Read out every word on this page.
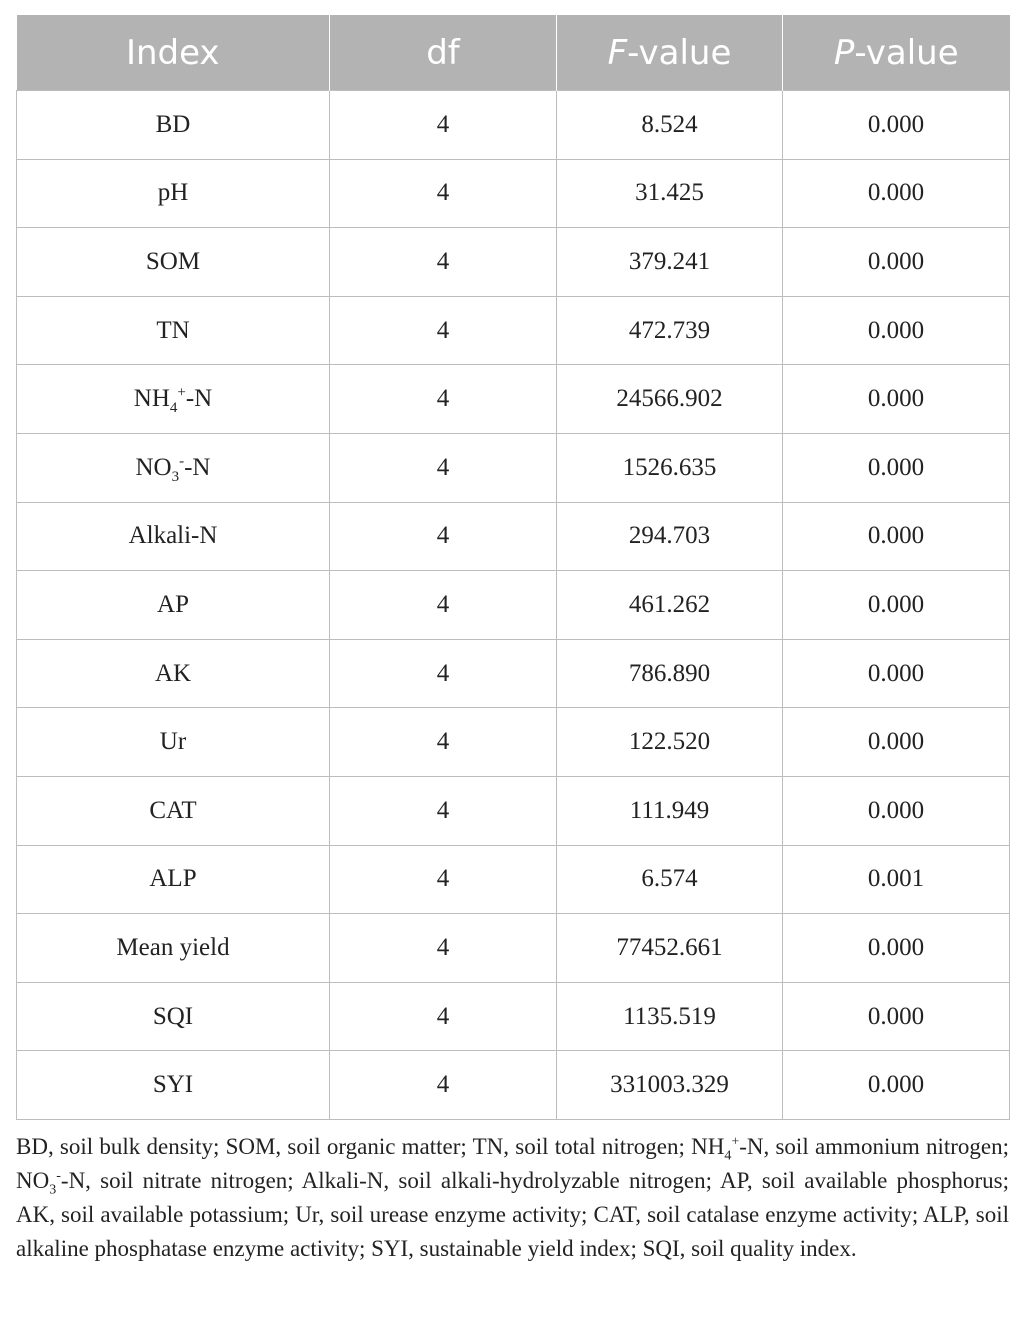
Index	df	F-value	P-value
BD	4	8.524	0.000
pH	4	31.425	0.000
SOM	4	379.241	0.000
TN	4	472.739	0.000
$NH_4^+-N$	4	24566.902	0.000
$NO_3^--N$	4	1526.635	0.000
Alkali-N	4	294.703	0.000
AP	4	461.262	0.000
AK	4	786.890	0.000
Ur	4	122.520	0.000
CAT	4	111.949	0.000
ALP	4	6.574	0.001
Mean yield	4	77452.661	0.000
SQI	4	1135.519	0.000
SYI	4	331003.329	0.000

BD, soil bulk density; SOM, soil organic matter; TN, soil total nitrogen; $NH_4^+-N$, soil ammonium nitrogen; $NO_3^--N$, soil nitrate nitrogen; Alkali-N, soil alkali-hydrolyzable nitrogen; AP, soil available phosphorus; AK, soil available potassium; Ur, soil urease enzyme activity; CAT, soil catalase enzyme activity; ALP, soil alkaline phosphatase enzyme activity; SYI, sustainable yield index; SQI, soil quality index.
